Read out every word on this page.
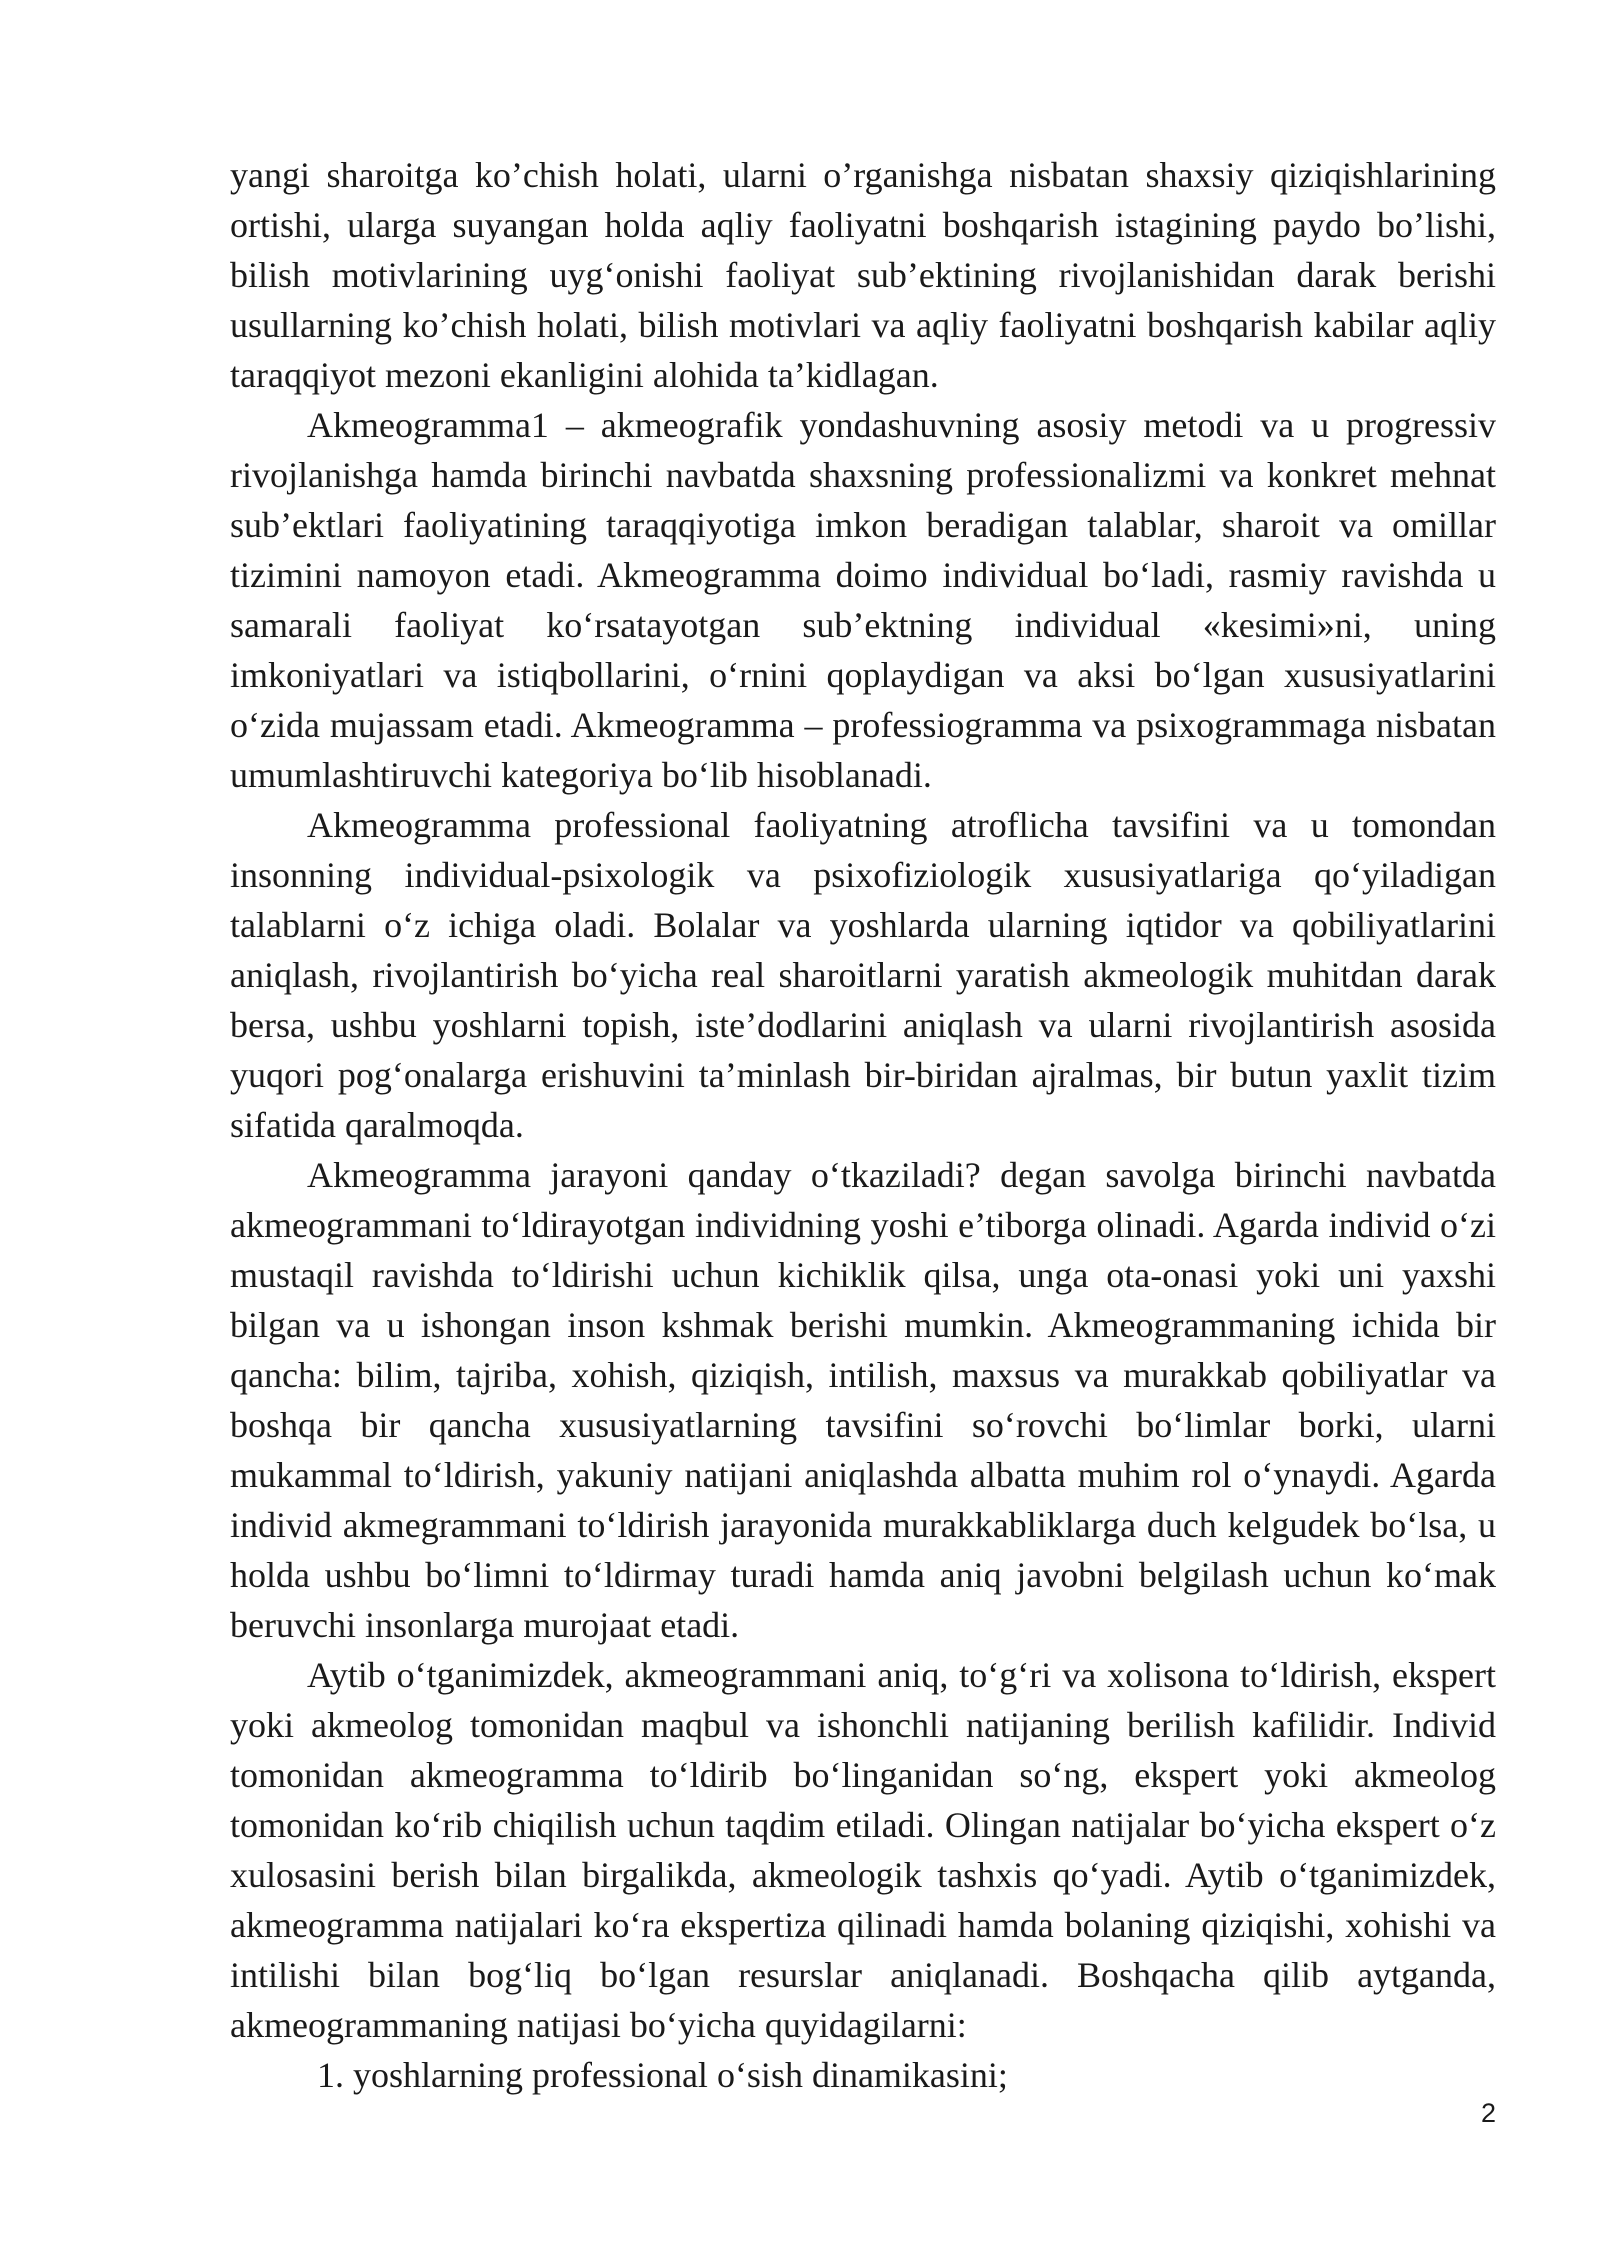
yangi sharoitga ko’chish holati, ularni o’rganishga nisbatan shaxsiy qiziqishlarining ortishi, ularga suyangan holda aqliy faoliyatni boshqarish istagining paydo bo’lishi, bilish motivlarining uygʻonishi faoliyat sub’ektining rivojlanishidan darak berishi usullarning ko’chish holati, bilish motivlari va aqliy faoliyatni boshqarish kabilar aqliy taraqqiyot mezoni ekanligini alohida ta’kidlagan.

Akmeogramma1 – akmeografik yondashuvning asosiy metodi va u progressiv rivojlanishga hamda birinchi navbatda shaxsning professionalizmi va konkret mehnat sub’ektlari faoliyatining taraqqiyotiga imkon beradigan talablar, sharoit va omillar tizimini namoyon etadi. Akmeogramma doimo individual boʻladi, rasmiy ravishda u samarali faoliyat koʻrsatayotgan sub’ektning individual «kesimi»ni, uning imkoniyatlari va istiqbollarini, oʻrnini qoplaydigan va aksi boʻlgan xususiyatlarini oʻzida mujassam etadi. Akmeogramma – professiogramma va psixogrammaga nisbatan umumlashtiruvchi kategoriya boʻlib hisoblanadi.

Akmeogramma professional faoliyatning atroflicha tavsifini va u tomondan insonning individual-psixologik va psixofiziologik xususiyatlariga qoʻyiladigan talablarni oʻz ichiga oladi. Bolalar va yoshlarda ularning iqtidor va qobiliyatlarini aniqlash, rivojlantirish boʻyicha real sharoitlarni yaratish akmeologik muhitdan darak bersa, ushbu yoshlarni topish, iste’dodlarini aniqlash va ularni rivojlantirish asosida yuqori pogʻonalarga erishuvini ta’minlash bir-biridan ajralmas, bir butun yaxlit tizim sifatida qaralmoqda.

Akmeogramma jarayoni qanday oʻtkaziladi? degan savolga birinchi navbatda akmeogrammani toʻldirayotgan individning yoshi e’tiborga olinadi. Agarda individ oʻzi mustaqil ravishda toʻldirishi uchun kichiklik qilsa, unga ota-onasi yoki uni yaxshi bilgan va u ishongan inson kshmak berishi mumkin. Akmeogrammaning ichida bir qancha: bilim, tajriba, xohish, qiziqish, intilish, maxsus va murakkab qobiliyatlar va boshqa bir qancha xususiyatlarning tavsifini soʻrovchi boʻlimlar borki, ularni mukammal toʻldirish, yakuniy natijani aniqlashda albatta muhim rol oʻynaydi. Agarda individ akmegrammani toʻldirish jarayonida murakkabliklarga duch kelgudek boʻlsa, u holda ushbu boʻlimni toʻldirmay turadi hamda aniq javobni belgilash uchun koʻmak beruvchi insonlarga murojaat etadi.

Aytib oʻtganimizdek, akmeogrammani aniq, toʻgʻri va xolisona toʻldirish, ekspert yoki akmeolog tomonidan maqbul va ishonchli natijaning berilish kafilidir. Individ tomonidan akmeogramma toʻldirib boʻlinganidan soʻng, ekspert yoki akmeolog tomonidan koʻrib chiqilish uchun taqdim etiladi. Olingan natijalar boʻyicha ekspert oʻz xulosasini berish bilan birgalikda, akmeologik tashxis qoʻyadi. Aytib oʻtganimizdek, akmeogramma natijalari koʻra ekspertiza qilinadi hamda bolaning qiziqishi, xohishi va intilishi bilan bogʻliq boʻlgan resurslar aniqlanadi. Boshqacha qilib aytganda, akmeogrammaning natijasi boʻyicha quyidagilarni:

1. yoshlarning professional oʻsish dinamikasini;

2
